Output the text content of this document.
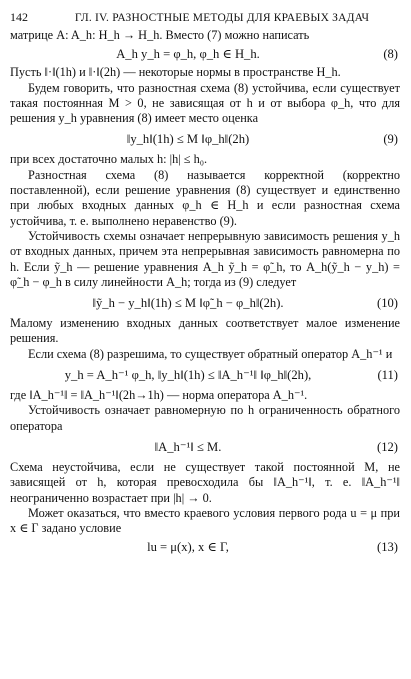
142	ГЛ. IV. РАЗНОСТНЫЕ МЕТОДЫ ДЛЯ КРАЕВЫХ ЗАДАЧ

матрице A: A_h: H_h → H_h. Вместо (7) можно написать

A_h y_h = φ_h, φ_h ∈ H_h.	(8)

Пусть ‖·‖(1h) и ‖·‖(2h) — некоторые нормы в пространстве H_h.

Будем говорить, что разностная схема (8) устойчива, если существует такая постоянная M > 0, не зависящая от h и от выбора φ_h, что для решения y_h уравнения (8) имеет место оценка

‖y_h‖(1h) ≤ M ‖φ_h‖(2h)	(9)

при всех достаточно малых h: |h| ≤ h₀.

Разностная схема (8) называется корректной (корректно поставленной), если решение уравнения (8) существует и единственно при любых входных данных φ_h ∈ H_h и если разностная схема устойчива, т. е. выполнено неравенство (9).

Устойчивость схемы означает непрерывную зависимость решения y_h от входных данных, причем эта непрерывная зависимость равномерна по h. Если ỹ_h — решение уравнения A_h ỹ_h = φ̃_h, то A_h(ỹ_h − y_h) = φ̃_h − φ_h в силу линейности A_h; тогда из (9) следует

‖ỹ_h − y_h‖(1h) ≤ M ‖φ̃_h − φ_h‖(2h).	(10)

Малому изменению входных данных соответствует малое изменение решения.

Если схема (8) разрешима, то существует обратный оператор A_h⁻¹ и

y_h = A_h⁻¹ φ_h, ‖y_h‖(1h) ≤ ‖A_h⁻¹‖ ‖φ_h‖(2h),	(11)

где ‖A_h⁻¹‖ = ‖A_h⁻¹‖(2h→1h) — норма оператора A_h⁻¹.

Устойчивость означает равномерную по h ограниченность обратного оператора

‖A_h⁻¹‖ ≤ M.	(12)

Схема неустойчива, если не существует такой постоянной M, не зависящей от h, которая превосходила бы ‖A_h⁻¹‖, т. е. ‖A_h⁻¹‖ неограниченно возрастает при |h| → 0.

Может оказаться, что вместо краевого условия первого рода u = μ при x ∈ Γ задано условие

lu = μ(x), x ∈ Γ,	(13)
